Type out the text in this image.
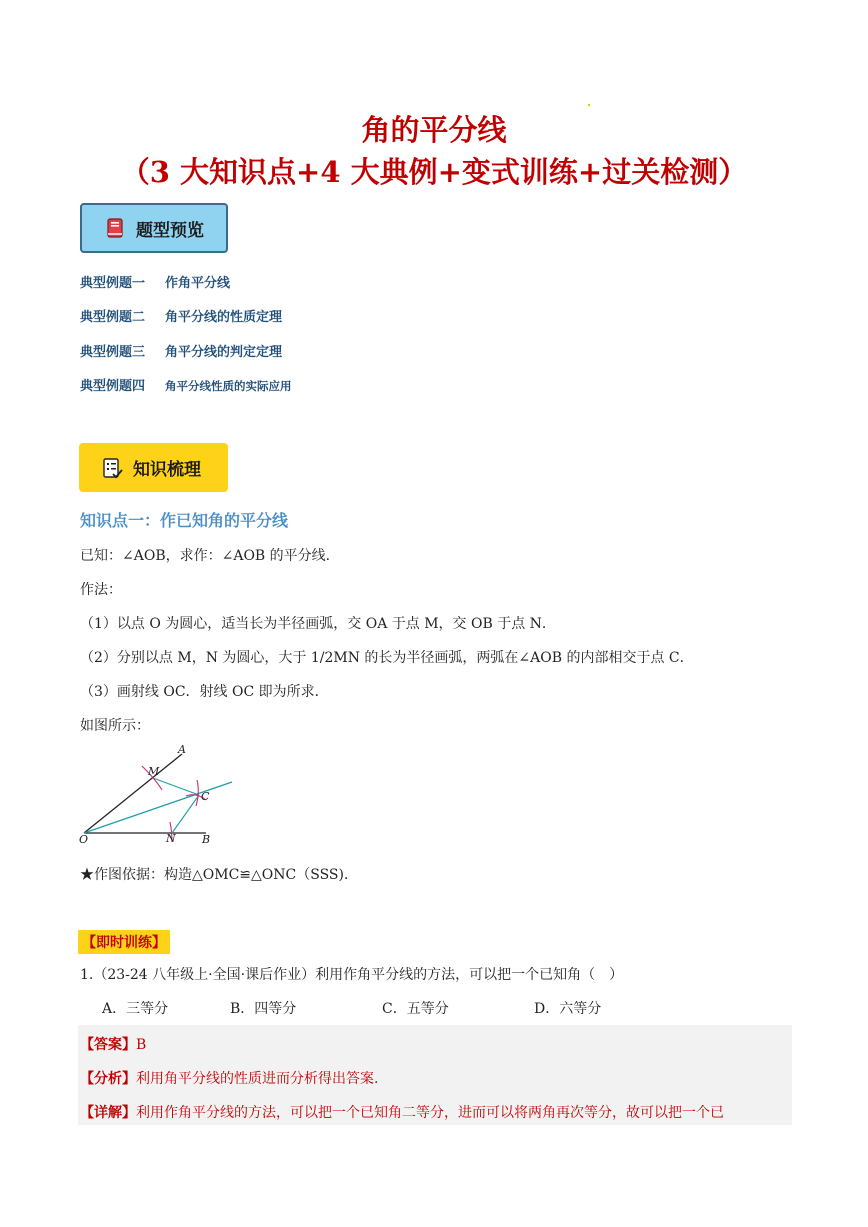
角的平分线
（3 大知识点+4 大典例+变式训练+过关检测）
题型预览
典型例题一 作角平分线
典型例题二 角平分线的性质定理
典型例题三 角平分线的判定定理
典型例题四 角平分线性质的实际应用
知识梳理
知识点一：作已知角的平分线
已知：∠AOB，求作：∠AOB 的平分线．
作法：
（1）以点 O 为圆心，适当长为半径画弧，交 OA 于点 M，交 OB 于点 N．
（2）分别以点 M，N 为圆心，大于 1/2MN 的长为半径画弧，两弧在∠AOB 的内部相交于点 C．
（3）画射线 OC．射线 OC 即为所求．
如图所示：
A
M
C
O	N B
★作图依据：构造△OMC≌△ONC（SSS)．
【即时训练】
1.（23-24 八年级上·全国·课后作业）利用作角平分线的方法，可以把一个已知角（　）
A．三等分	B．四等分	C．五等分	D．六等分
【答案】B
【分析】利用角平分线的性质进而分析得出答案.
【详解】利用作角平分线的方法，可以把一个已知角二等分，进而可以将两角再次等分，故可以把一个已
